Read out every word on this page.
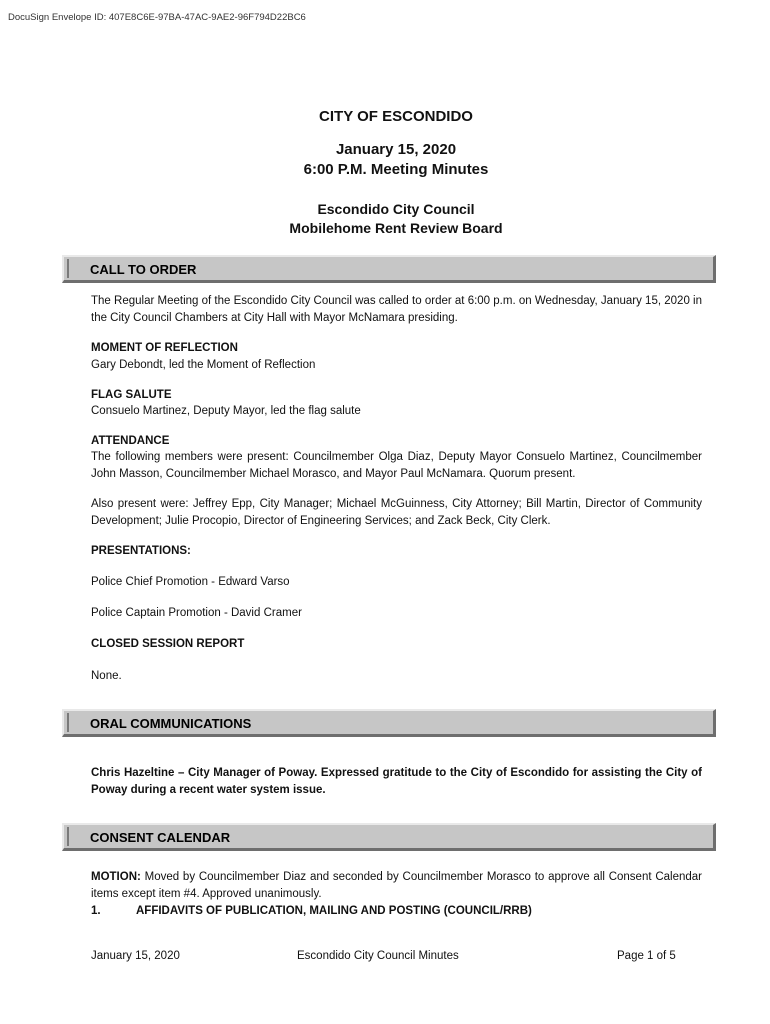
DocuSign Envelope ID: 407E8C6E-97BA-47AC-9AE2-96F794D22BC6
CITY OF ESCONDIDO
January 15, 2020
6:00 P.M. Meeting Minutes
Escondido City Council
Mobilehome Rent Review Board
CALL TO ORDER
The Regular Meeting of the Escondido City Council was called to order at 6:00 p.m. on Wednesday, January 15, 2020 in the City Council Chambers at City Hall with Mayor McNamara presiding.
MOMENT OF REFLECTION
Gary Debondt, led the Moment of Reflection
FLAG SALUTE
Consuelo Martinez, Deputy Mayor, led the flag salute
ATTENDANCE
The following members were present: Councilmember Olga Diaz, Deputy Mayor Consuelo Martinez, Councilmember John Masson, Councilmember Michael Morasco, and Mayor Paul McNamara. Quorum present.
Also present were: Jeffrey Epp, City Manager; Michael McGuinness, City Attorney; Bill Martin, Director of Community Development; Julie Procopio, Director of Engineering Services; and Zack Beck, City Clerk.
PRESENTATIONS:
Police Chief Promotion - Edward Varso
Police Captain Promotion - David Cramer
CLOSED SESSION REPORT
None.
ORAL COMMUNICATIONS
Chris Hazeltine – City Manager of Poway. Expressed gratitude to the City of Escondido for assisting the City of Poway during a recent water system issue.
CONSENT CALENDAR
MOTION: Moved by Councilmember Diaz and seconded by Councilmember Morasco to approve all Consent Calendar items except item #4. Approved unanimously.
1.	AFFIDAVITS OF PUBLICATION, MAILING AND POSTING (COUNCIL/RRB)
January 15, 2020	Escondido City Council Minutes	Page 1 of 5
